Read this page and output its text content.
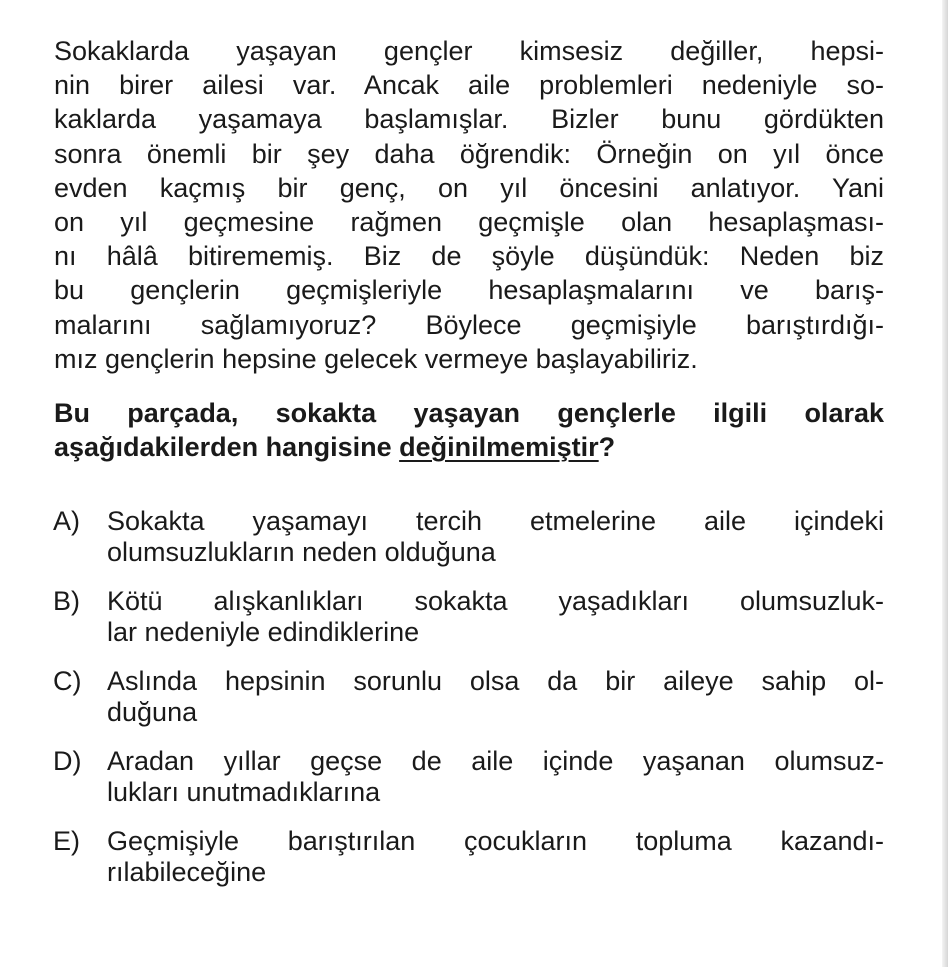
Sokaklarda yaşayan gençler kimsesiz değiller, hepsi-
nin birer ailesi var. Ancak aile problemleri nedeniyle so-
kaklarda yaşamaya başlamışlar. Bizler bunu gördükten
sonra önemli bir şey daha öğrendik: Örneğin on yıl önce
evden kaçmış bir genç, on yıl öncesini anlatıyor. Yani
on yıl geçmesine rağmen geçmişle olan hesaplaşması-
nı hâlâ bitirememiş. Biz de şöyle düşündük: Neden biz
bu gençlerin geçmişleriyle hesaplaşmalarını ve barış-
malarını sağlamıyoruz? Böylece geçmişiyle barıştırdığı-
mız gençlerin hepsine gelecek vermeye başlayabiliriz.

Bu parçada, sokakta yaşayan gençlerle ilgili olarak
aşağıdakilerden hangisine değinilmemiştir?

A) Sokakta yaşamayı tercih etmelerine aile içindeki
olumsuzlukların neden olduğuna
B) Kötü alışkanlıkları sokakta yaşadıkları olumsuzluk-
lar nedeniyle edindiklerine
C) Aslında hepsinin sorunlu olsa da bir aileye sahip ol-
duğuna
D) Aradan yıllar geçse de aile içinde yaşanan olumsuz-
lukları unutmadıklarına
E) Geçmişiyle barıştırılan çocukların topluma kazandı-
rılabileceğine
